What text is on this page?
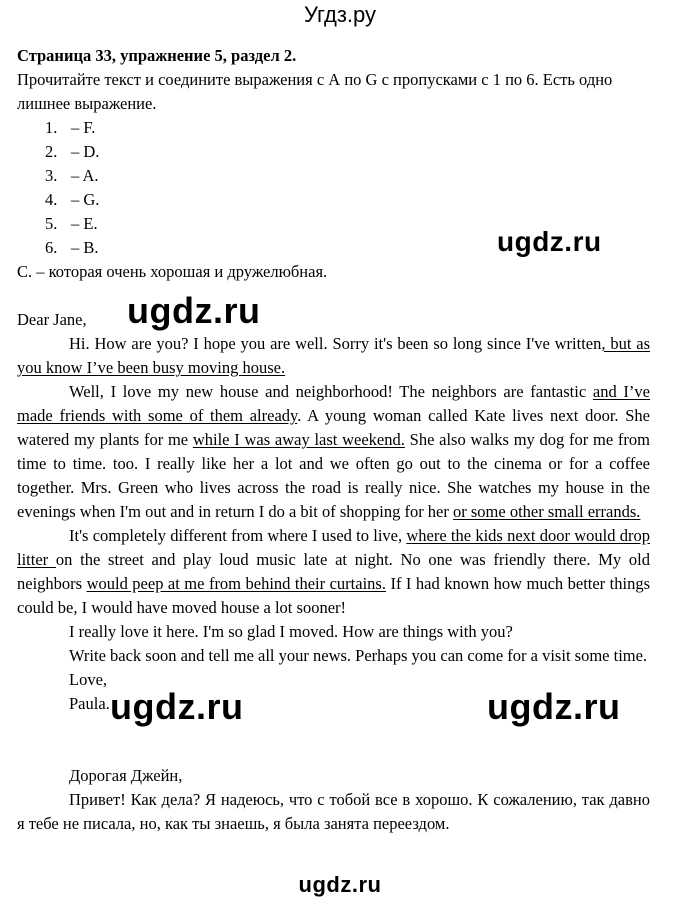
Угдз.ру
Страница 33, упражнение 5, раздел 2.
Прочитайте текст и соедините выражения с А по G с пропусками с 1 по 6. Есть одно лишнее выражение.
1. – F.
2. – D.
3. – A.
4. – G.
5. – E.
6. – B.
С. – которая очень хорошая и дружелюбная.

Dear Jane,

Hi. How are you? I hope you are well. Sorry it's been so long since I've written, but as you know I’ve been busy moving house.

Well, I love my new house and neighborhood! The neighbors are fantastic and I’ve made friends with some of them already. A young woman called Kate lives next door. She watered my plants for me while I was away last weekend. She also walks my dog for me from time to time. too. I really like her a lot and we often go out to the cinema or for a coffee together. Mrs. Green who lives across the road is really nice. She watches my house in the evenings when I'm out and in return I do a bit of shopping for her or some other small errands.

It's completely different from where I used to live, where the kids next door would drop litter on the street and play loud music late at night. No one was friendly there. My old neighbors would peep at me from behind their curtains. If I had known how much better things could be, I would have moved house a lot sooner!

I really love it here. I'm so glad I moved. How are things with you?

Write back soon and tell me all your news. Perhaps you can come for a visit some time.

Love,

Paula.

Дорогая Джейн,

Привет! Как дела? Я надеюсь, что с тобой все в хорошо. К сожалению, так давно я тебе не писала, но, как ты знаешь, я была занята переездом.

ugdz.ru
ugdz.ru
ugdz.ru	ugdz.ru
ugdz.ru
